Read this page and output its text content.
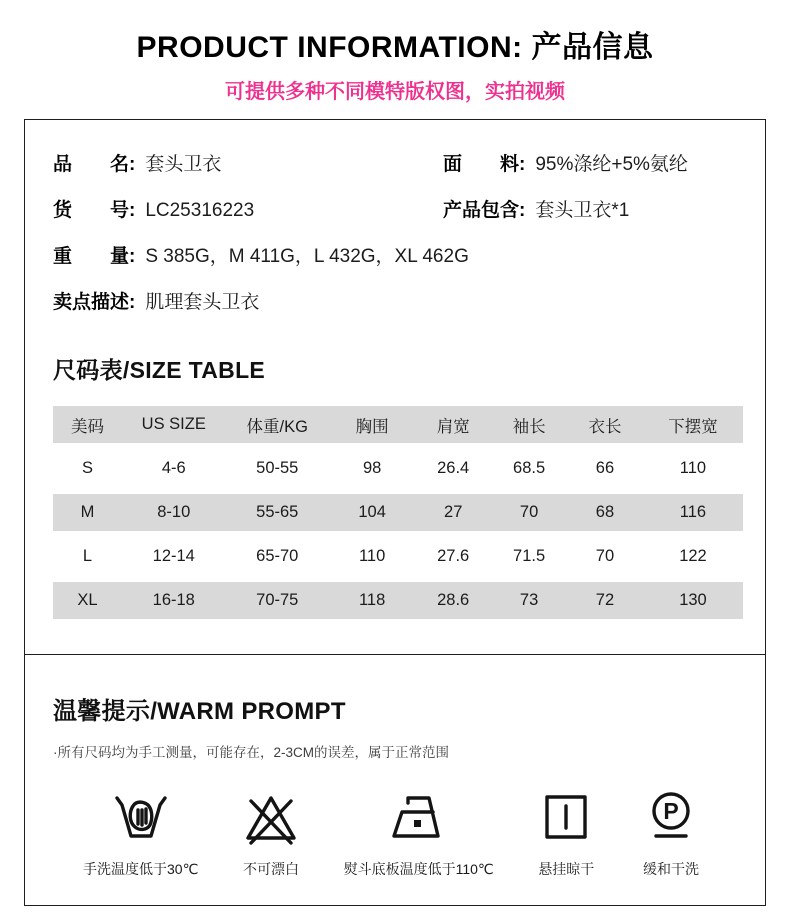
PRODUCT INFORMATION: 产品信息
可提供多种不同模特版权图，实拍视频
品　　名: 套头卫衣	面　　料: 95%涤纶+5%氨纶
货　　号: LC25316223	产品包含: 套头卫衣*1
重　　量: S 385G，M 411G，L 432G，XL 462G
卖点描述: 肌理套头卫衣
尺码表/SIZE TABLE
美码	US SIZE	体重/KG	胸围	肩宽	袖长	衣长	下摆宽
S	4-6	50-55	98	26.4	68.5	66	110
M	8-10	55-65	104	27	70	68	116
L	12-14	65-70	110	27.6	71.5	70	122
XL	16-18	70-75	118	28.6	73	72	130
温馨提示/WARM PROMPT
·所有尺码均为手工测量，可能存在，2-3CM的误差，属于正常范围
手洗温度低于30℃	不可漂白	熨斗底板温度低于110℃	悬挂晾干
P
缓和干洗
